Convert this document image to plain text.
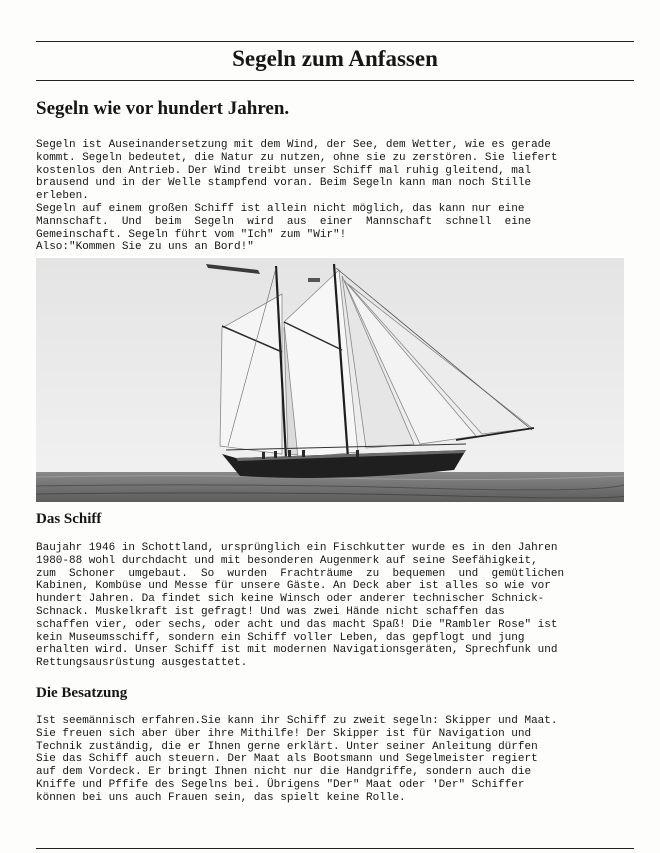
Segeln zum Anfassen
Segeln wie vor hundert Jahren.

Segeln ist Auseinandersetzung mit dem Wind, der See, dem Wetter, wie es gerade
kommt. Segeln bedeutet, die Natur zu nutzen, ohne sie zu zerstören. Sie liefert
kostenlos den Antrieb. Der Wind treibt unser Schiff mal ruhig gleitend, mal
brausend und in der Welle stampfend voran. Beim Segeln kann man noch Stille
erleben.
Segeln auf einem großen Schiff ist allein nicht möglich, das kann nur eine
Mannschaft.  Und  beim  Segeln  wird  aus  einer  Mannschaft  schnell  eine
Gemeinschaft. Segeln führt vom "Ich" zum "Wir"!
Also:"Kommen Sie zu uns an Bord!"

Das Schiff

Baujahr 1946 in Schottland, ursprünglich ein Fischkutter wurde es in den Jahren
1980-88 wohl durchdacht und mit besonderen Augenmerk auf seine Seefähigkeit,
zum  Schoner  umgebaut.  So  wurden  Frachträume  zu  bequemen  und  gemütlichen
Kabinen, Kombüse und Messe für unsere Gäste. An Deck aber ist alles so wie vor
hundert Jahren. Da findet sich keine Winsch oder anderer technischer Schnick-
Schnack. Muskelkraft ist gefragt! Und was zwei Hände nicht schaffen das
schaffen vier, oder sechs, oder acht und das macht Spaß! Die "Rambler Rose" ist
kein Museumsschiff, sondern ein Schiff voller Leben, das gepflogt und jung
erhalten wird. Unser Schiff ist mit modernen Navigationsgeräten, Sprechfunk und
Rettungsausrüstung ausgestattet.

Die Besatzung

Ist seemännisch erfahren.Sie kann ihr Schiff zu zweit segeln: Skipper und Maat.
Sie freuen sich aber über ihre Mithilfe! Der Skipper ist für Navigation und
Technik zuständig, die er Ihnen gerne erklärt. Unter seiner Anleitung dürfen
Sie das Schiff auch steuern. Der Maat als Bootsmann und Segelmeister regiert
auf dem Vordeck. Er bringt Ihnen nicht nur die Handgriffe, sondern auch die
Kniffe und Pffife des Segelns bei. Übrigens "Der" Maat oder 'Der" Schiffer
können bei uns auch Frauen sein, das spielt keine Rolle.
